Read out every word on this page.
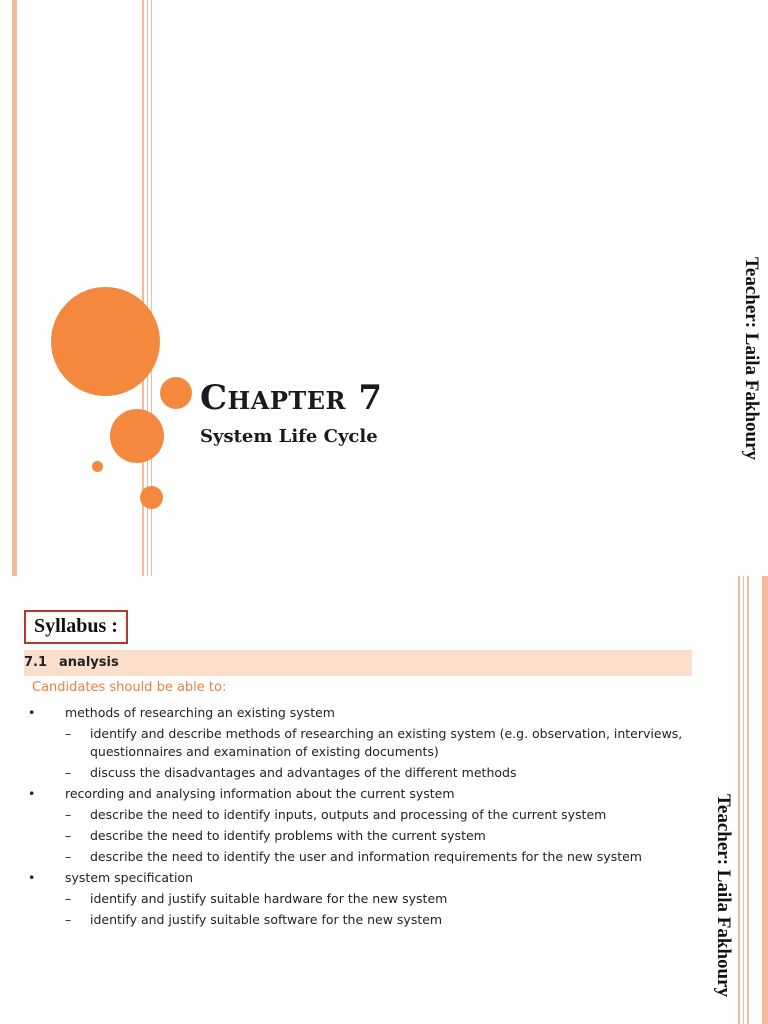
Chapter 7

System Life Cycle	Teacher: Laila Fakhoury
Syllabus :
7.1 analysis

Candidates should be able to:

• methods of researching an existing system
– identify and describe methods of researching an existing system (e.g. observation, interviews, questionnaires and examination of existing documents)
– discuss the disadvantages and advantages of the different methods
• recording and analysing information about the current system
– describe the need to identify inputs, outputs and processing of the current system
– describe the need to identify problems with the current system
– describe the need to identify the user and information requirements for the new system
• system specification
– identify and justify suitable hardware for the new system
– identify and justify suitable software for the new system	Teacher: Laila Fakhoury
